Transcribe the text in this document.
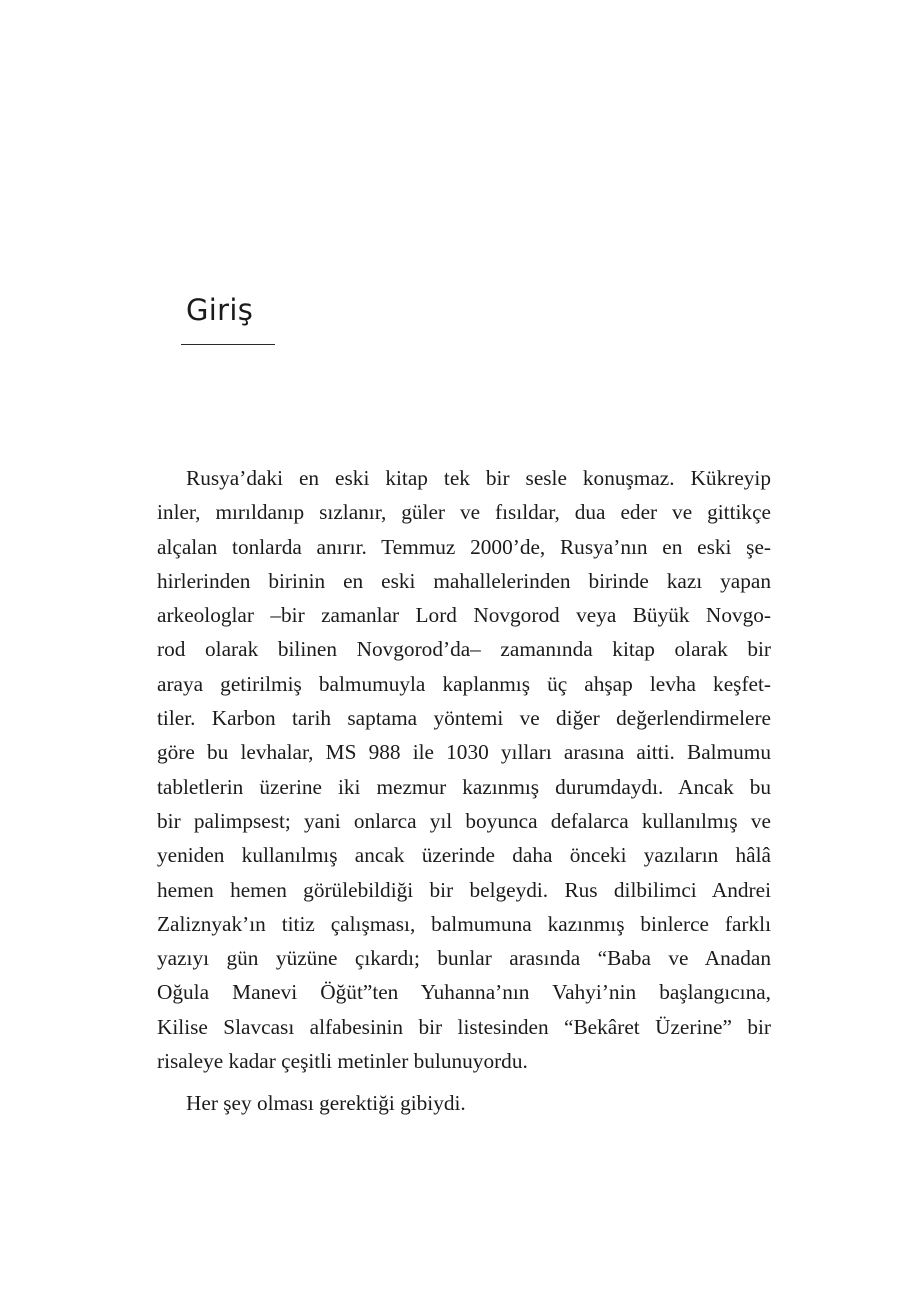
Giriş
Rusya’daki en eski kitap tek bir sesle konuşmaz. Kükreyip
inler, mırıldanıp sızlanır, güler ve fısıldar, dua eder ve gittikçe
alçalan tonlarda anırır. Temmuz 2000’de, Rusya’nın en eski şe-
hirlerinden birinin en eski mahallelerinden birinde kazı yapan
arkeologlar –bir zamanlar Lord Novgorod veya Büyük Novgo-
rod olarak bilinen Novgorod’da– zamanında kitap olarak bir
araya getirilmiş balmumuyla kaplanmış üç ahşap levha keşfet-
tiler. Karbon tarih saptama yöntemi ve diğer değerlendirmelere
göre bu levhalar, MS 988 ile 1030 yılları arasına aitti. Balmumu
tabletlerin üzerine iki mezmur kazınmış durumdaydı. Ancak bu
bir palimpsest; yani onlarca yıl boyunca defalarca kullanılmış ve
yeniden kullanılmış ancak üzerinde daha önceki yazıların hâlâ
hemen hemen görülebildiği bir belgeydi. Rus dilbilimci Andrei
Zaliznyak’ın titiz çalışması, balmumuna kazınmış binlerce farklı
yazıyı gün yüzüne çıkardı; bunlar arasında “Baba ve Anadan
Oğula Manevi Öğüt”ten Yuhanna’nın Vahyi’nin başlangıcına,
Kilise Slavcası alfabesinin bir listesinden “Bekâret Üzerine” bir
risaleye kadar çeşitli metinler bulunuyordu.
Her şey olması gerektiği gibiydi.
